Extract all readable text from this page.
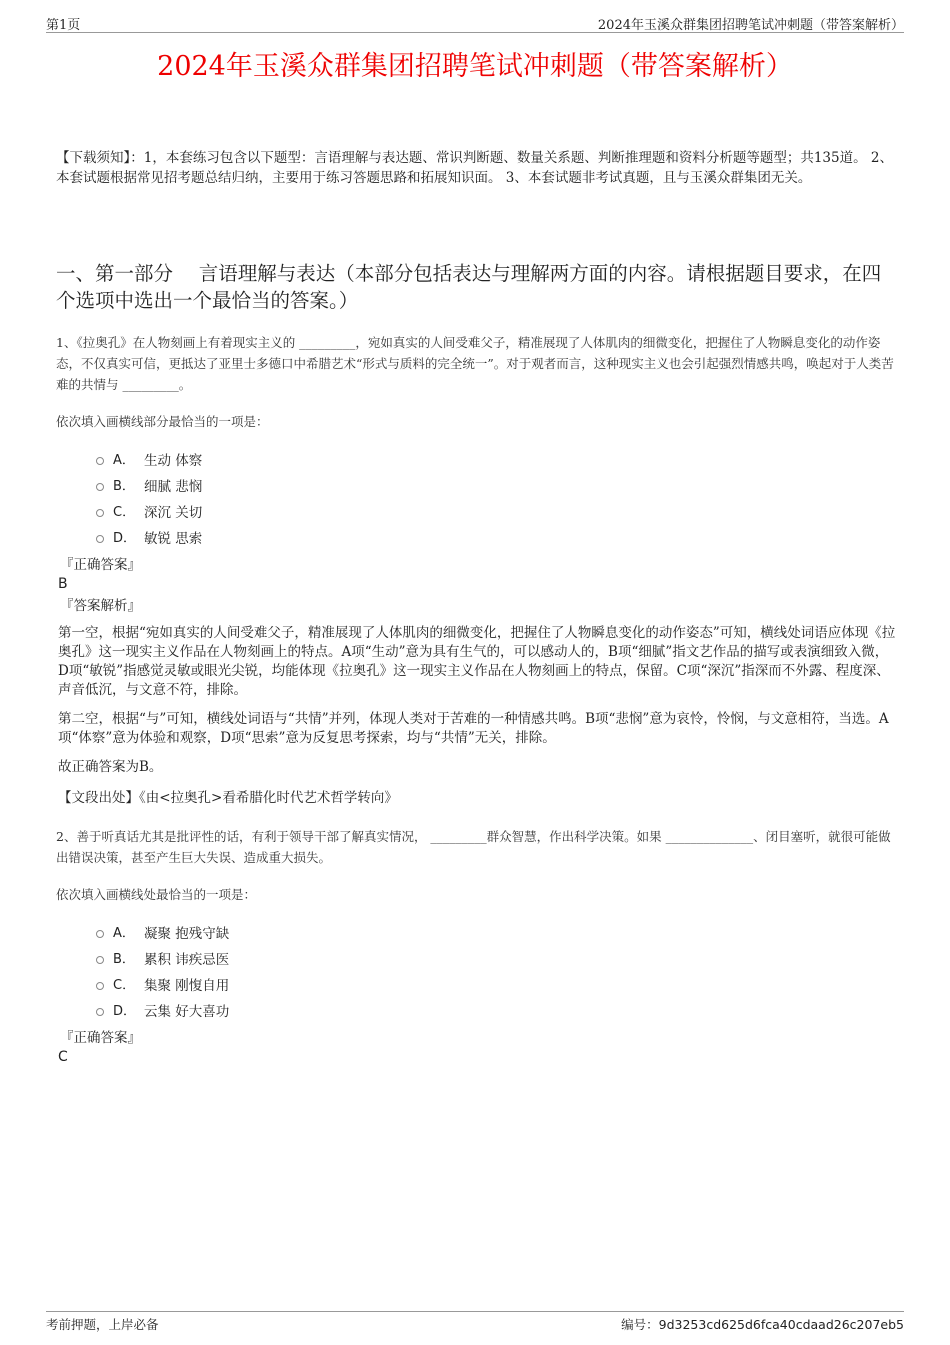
第1页	2024年玉溪众群集团招聘笔试冲刺题（带答案解析）
2024年玉溪众群集团招聘笔试冲刺题（带答案解析）

【下载须知】：1，本套练习包含以下题型：言语理解与表达题、常识判断题、数量关系题、判断推理题和资料分析题等题型；共135道。 2、本套试题根据常见招考题总结归纳，主要用于练习答题思路和拓展知识面。 3、本套试题非考试真题，且与玉溪众群集团无关。

一、第一部分　 言语理解与表达（本部分包括表达与理解两方面的内容。请根据题目要求，在四个选项中选出一个最恰当的答案。）

1、《拉奥孔》在人物刻画上有着现实主义的 _________，宛如真实的人间受难父子，精准展现了人体肌肉的细微变化，把握住了人物瞬息变化的动作姿态，不仅真实可信，更抵达了亚里士多德口中希腊艺术“形式与质料的完全统一”。对于观者而言，这种现实主义也会引起强烈情感共鸣，唤起对于人类苦难的共情与 _________。

依次填入画横线部分最恰当的一项是：

A． 生动 体察
B． 细腻 悲悯
C． 深沉 关切
D． 敏锐 思索

『正确答案』

B

『答案解析』

第一空，根据“宛如真实的人间受难父子，精准展现了人体肌肉的细微变化，把握住了人物瞬息变化的动作姿态”可知，横线处词语应体现《拉奥孔》这一现实主义作品在人物刻画上的特点。A项“生动”意为具有生气的，可以感动人的，B项“细腻”指文艺作品的描写或表演细致入微，D项“敏锐”指感觉灵敏或眼光尖锐，均能体现《拉奥孔》这一现实主义作品在人物刻画上的特点，保留。C项“深沉”指深而不外露、程度深、声音低沉，与文意不符，排除。

第二空，根据“与”可知，横线处词语与“共情”并列，体现人类对于苦难的一种情感共鸣。B项“悲悯”意为哀怜，怜悯，与文意相符，当选。A项“体察”意为体验和观察，D项“思索”意为反复思考探索，均与“共情”无关，排除。

故正确答案为B。

【文段出处】《由<拉奥孔>看希腊化时代艺术哲学转向》

2、善于听真话尤其是批评性的话，有利于领导干部了解真实情况， _________群众智慧，作出科学决策。如果 ______________、闭目塞听，就很可能做出错误决策，甚至产生巨大失误、造成重大损失。

依次填入画横线处最恰当的一项是：

A． 凝聚 抱残守缺
B． 累积 讳疾忌医
C． 集聚 刚愎自用
D． 云集 好大喜功

『正确答案』

C

考前押题，上岸必备	编号：9d3253cd625d6fca40cdaad26c207eb5
